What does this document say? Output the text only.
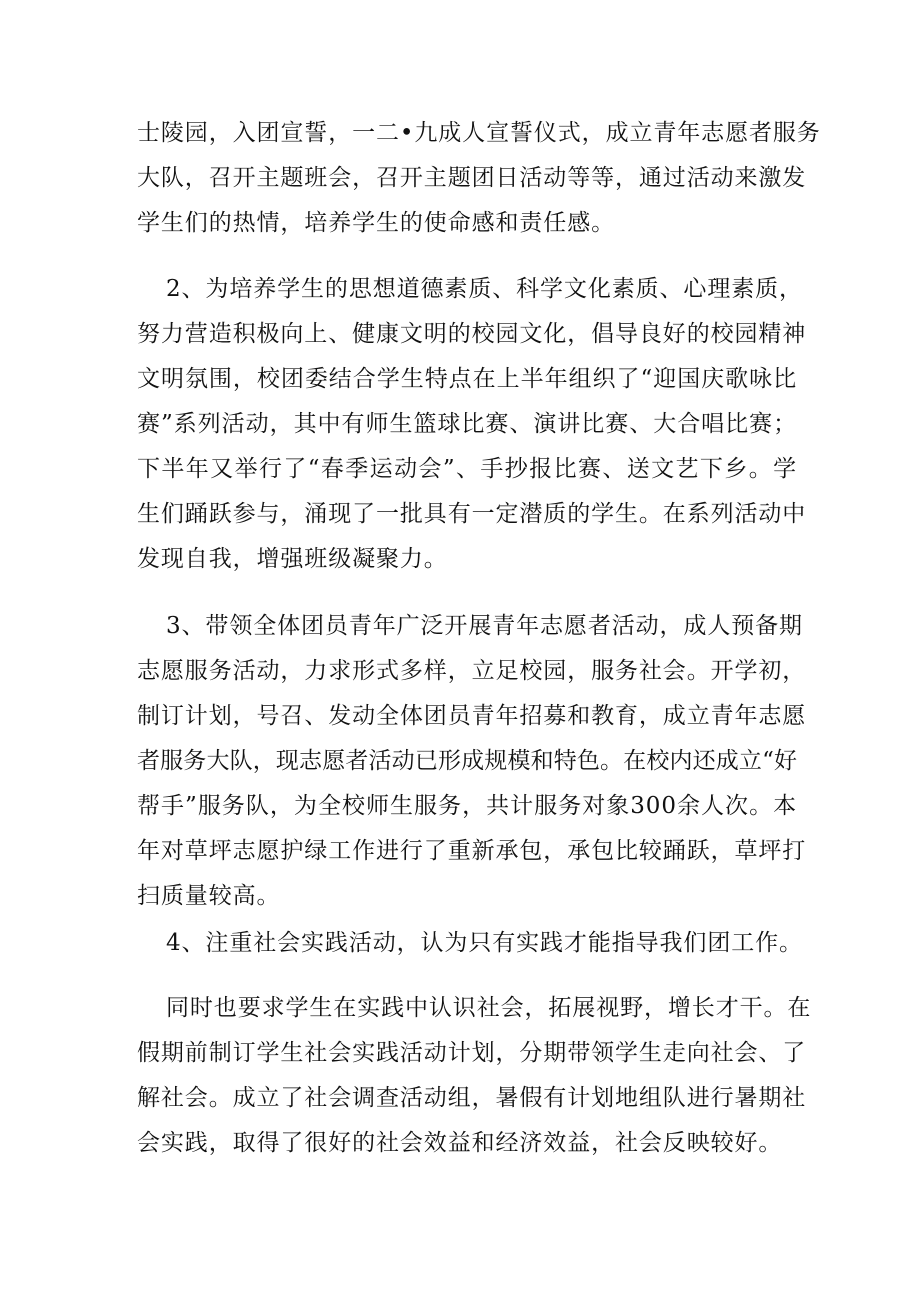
士陵园，入团宣誓，一二•九成人宣誓仪式，成立青年志愿者服务
大队，召开主题班会，召开主题团日活动等等，通过活动来激发
学生们的热情，培养学生的使命感和责任感。
2、为培养学生的思想道德素质、科学文化素质、心理素质，
努力营造积极向上、健康文明的校园文化，倡导良好的校园精神
文明氛围，校团委结合学生特点在上半年组织了“迎国庆歌咏比
赛”系列活动，其中有师生篮球比赛、演讲比赛、大合唱比赛；
下半年又举行了“春季运动会”、手抄报比赛、送文艺下乡。学
生们踊跃参与，涌现了一批具有一定潜质的学生。在系列活动中
发现自我，增强班级凝聚力。
3、带领全体团员青年广泛开展青年志愿者活动，成人预备期
志愿服务活动，力求形式多样，立足校园，服务社会。开学初，
制订计划，号召、发动全体团员青年招募和教育，成立青年志愿
者服务大队，现志愿者活动已形成规模和特色。在校内还成立“好
帮手”服务队，为全校师生服务，共计服务对象300余人次。本
年对草坪志愿护绿工作进行了重新承包，承包比较踊跃，草坪打
扫质量较高。
4、注重社会实践活动，认为只有实践才能指导我们团工作。
同时也要求学生在实践中认识社会，拓展视野，增长才干。在
假期前制订学生社会实践活动计划，分期带领学生走向社会、了
解社会。成立了社会调查活动组，暑假有计划地组队进行暑期社
会实践，取得了很好的社会效益和经济效益，社会反映较好。
